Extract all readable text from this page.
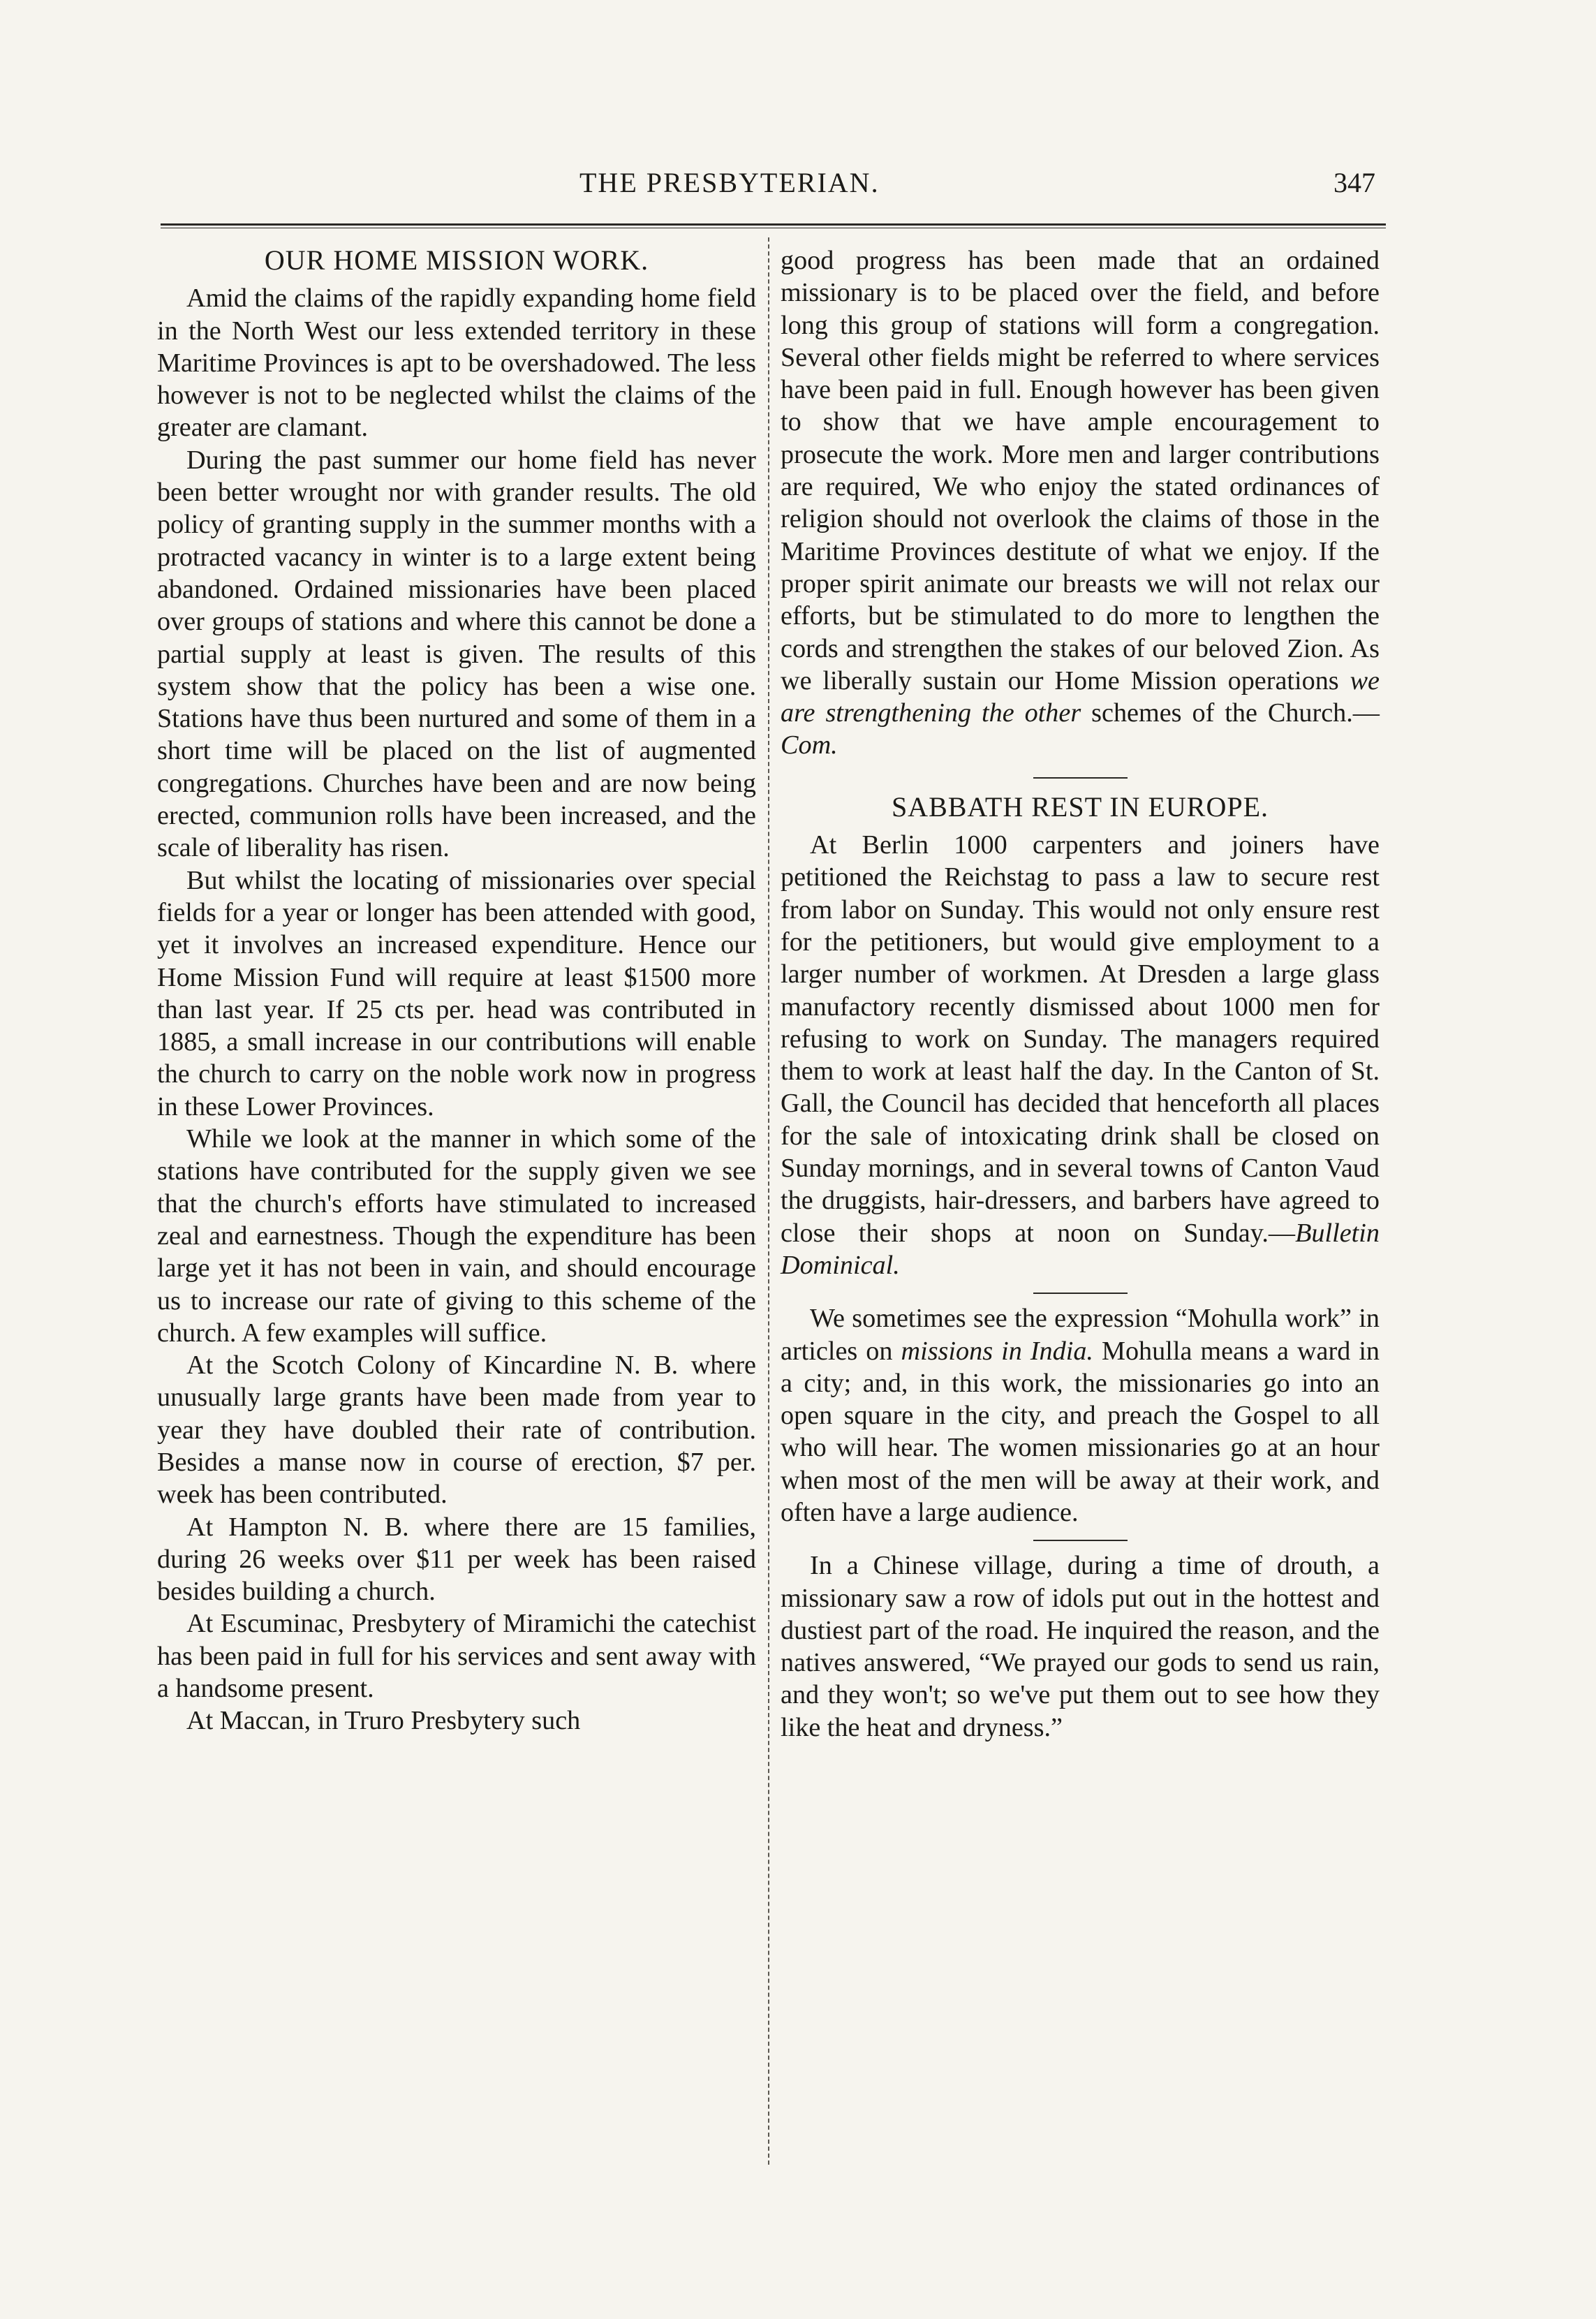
THE PRESBYTERIAN.	347
OUR HOME MISSION WORK.

Amid the claims of the rapidly expanding home field in the North West our less extended territory in these Maritime Provinces is apt to be overshadowed. The less however is not to be neglected whilst the claims of the greater are clamant.

During the past summer our home field has never been better wrought nor with grander results. The old policy of granting supply in the summer months with a protracted vacancy in winter is to a large extent being abandoned. Ordained missionaries have been placed over groups of stations and where this cannot be done a partial supply at least is given. The results of this system show that the policy has been a wise one. Stations have thus been nurtured and some of them in a short time will be placed on the list of augmented congregations. Churches have been and are now being erected, communion rolls have been increased, and the scale of liberality has risen.

But whilst the locating of missionaries over special fields for a year or longer has been attended with good, yet it involves an increased expenditure. Hence our Home Mission Fund will require at least $1500 more than last year. If 25 cts per. head was contributed in 1885, a small increase in our contributions will enable the church to carry on the noble work now in progress in these Lower Provinces.

While we look at the manner in which some of the stations have contributed for the supply given we see that the church's efforts have stimulated to increased zeal and earnestness. Though the expenditure has been large yet it has not been in vain, and should encourage us to increase our rate of giving to this scheme of the church. A few examples will suffice.

At the Scotch Colony of Kincardine N. B. where unusually large grants have been made from year to year they have doubled their rate of contribution. Besides a manse now in course of erection, $7 per. week has been contributed.

At Hampton N. B. where there are 15 families, during 26 weeks over $11 per week has been raised besides building a church.

At Escuminac, Presbytery of Miramichi the catechist has been paid in full for his services and sent away with a handsome present.

At Maccan, in Truro Presbytery such

good progress has been made that an ordained missionary is to be placed over the field, and before long this group of stations will form a congregation. Several other fields might be referred to where services have been paid in full. Enough however has been given to show that we have ample encouragement to prosecute the work. More men and larger contributions are required, We who enjoy the stated ordinances of religion should not overlook the claims of those in the Maritime Provinces destitute of what we enjoy. If the proper spirit animate our breasts we will not relax our efforts, but be stimulated to do more to lengthen the cords and strengthen the stakes of our beloved Zion. As we liberally sustain our Home Mission operations we are strengthening the other schemes of the Church.—Com.

SABBATH REST IN EUROPE.

At Berlin 1000 carpenters and joiners have petitioned the Reichstag to pass a law to secure rest from labor on Sunday. This would not only ensure rest for the petitioners, but would give employment to a larger number of workmen. At Dresden a large glass manufactory recently dismissed about 1000 men for refusing to work on Sunday. The managers required them to work at least half the day. In the Canton of St. Gall, the Council has decided that henceforth all places for the sale of intoxicating drink shall be closed on Sunday mornings, and in several towns of Canton Vaud the druggists, hair-dressers, and barbers have agreed to close their shops at noon on Sunday.—Bulletin Dominical.

We sometimes see the expression “Mohulla work” in articles on missions in India. Mohulla means a ward in a city; and, in this work, the missionaries go into an open square in the city, and preach the Gospel to all who will hear. The women missionaries go at an hour when most of the men will be away at their work, and often have a large audience.

In a Chinese village, during a time of drouth, a missionary saw a row of idols put out in the hottest and dustiest part of the road. He inquired the reason, and the natives answered, “We prayed our gods to send us rain, and they won't; so we've put them out to see how they like the heat and dryness.”
